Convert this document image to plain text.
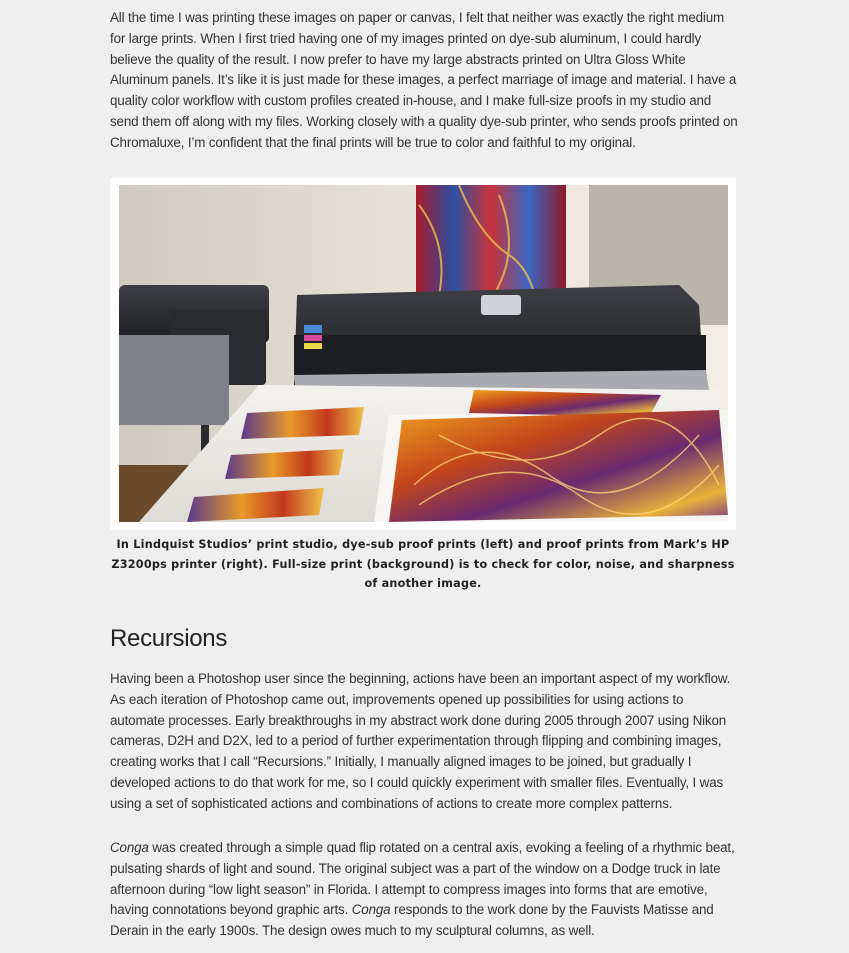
All the time I was printing these images on paper or canvas, I felt that neither was exactly the right medium for large prints. When I first tried having one of my images printed on dye-sub aluminum, I could hardly believe the quality of the result. I now prefer to have my large abstracts printed on Ultra Gloss White Aluminum panels. It’s like it is just made for these images, a perfect marriage of image and material. I have a quality color workflow with custom profiles created in-house, and I make full-size proofs in my studio and send them off along with my files. Working closely with a quality dye-sub printer, who sends proofs printed on Chromaluxe, I’m confident that the final prints will be true to color and faithful to my original.

In Lindquist Studios’ print studio, dye-sub proof prints (left) and proof prints from Mark’s HP Z3200ps printer (right). Full-size print (background) is to check for color, noise, and sharpness of another image.
Recursions

Having been a Photoshop user since the beginning, actions have been an important aspect of my workflow. As each iteration of Photoshop came out, improvements opened up possibilities for using actions to automate processes. Early breakthroughs in my abstract work done during 2005 through 2007 using Nikon cameras, D2H and D2X, led to a period of further experimentation through flipping and combining images, creating works that I call “Recursions.” Initially, I manually aligned images to be joined, but gradually I developed actions to do that work for me, so I could quickly experiment with smaller files. Eventually, I was using a set of sophisticated actions and combinations of actions to create more complex patterns.

Conga was created through a simple quad flip rotated on a central axis, evoking a feeling of a rhythmic beat, pulsating shards of light and sound. The original subject was a part of the window on a Dodge truck in late afternoon during “low light season” in Florida. I attempt to compress images into forms that are emotive, having connotations beyond graphic arts. Conga responds to the work done by the Fauvists Matisse and Derain in the early 1900s. The design owes much to my sculptural columns, as well.
